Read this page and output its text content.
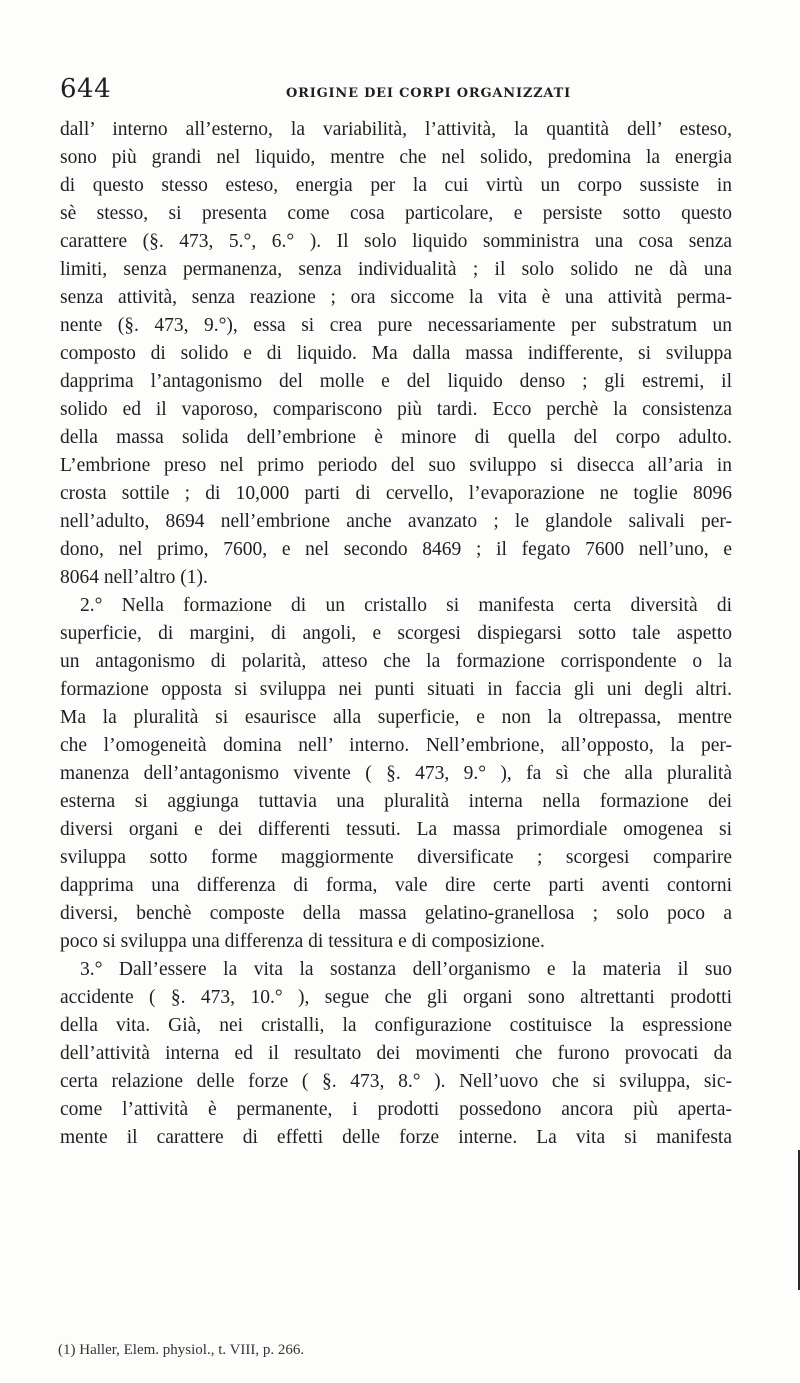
644	ORIGINE DEI CORPI ORGANIZZATI
dall’ interno all’esterno, la variabilità, l’attività, la quantità dell’ esteso,
sono più grandi nel liquido, mentre che nel solido, predomina la energia
di questo stesso esteso, energia per la cui virtù un corpo sussiste in
sè stesso, si presenta come cosa particolare, e persiste sotto questo
carattere (§. 473, 5.°, 6.° ). Il solo liquido somministra una cosa senza
limiti, senza permanenza, senza individualità ; il solo solido ne dà una
senza attività, senza reazione ; ora siccome la vita è una attività perma-
nente (§. 473, 9.°), essa si crea pure necessariamente per substratum un
composto di solido e di liquido. Ma dalla massa indifferente, si sviluppa
dapprima l’antagonismo del molle e del liquido denso ; gli estremi, il
solido ed il vaporoso, compariscono più tardi. Ecco perchè la consistenza
della massa solida dell’embrione è minore di quella del corpo adulto.
L’embrione preso nel primo periodo del suo sviluppo si disecca all’aria in
crosta sottile ; di 10,000 parti di cervello, l’evaporazione ne toglie 8096
nell’adulto, 8694 nell’embrione anche avanzato ; le glandole salivali per-
dono, nel primo, 7600, e nel secondo 8469 ; il fegato 7600 nell’uno, e
8064 nell’altro (1).
2.° Nella formazione di un cristallo si manifesta certa diversità di
superficie, di margini, di angoli, e scorgesi dispiegarsi sotto tale aspetto
un antagonismo di polarità, atteso che la formazione corrispondente o la
formazione opposta si sviluppa nei punti situati in faccia gli uni degli altri.
Ma la pluralità si esaurisce alla superficie, e non la oltrepassa, mentre
che l’omogeneità domina nell’ interno. Nell’embrione, all’opposto, la per-
manenza dell’antagonismo vivente ( §. 473, 9.° ), fa sì che alla pluralità
esterna si aggiunga tuttavia una pluralità interna nella formazione dei
diversi organi e dei differenti tessuti. La massa primordiale omogenea si
sviluppa sotto forme maggiormente diversificate ; scorgesi comparire
dapprima una differenza di forma, vale dire certe parti aventi contorni
diversi, benchè composte della massa gelatino-granellosa ; solo poco a
poco si sviluppa una differenza di tessitura e di composizione.
3.° Dall’essere la vita la sostanza dell’organismo e la materia il suo
accidente ( §. 473, 10.° ), segue che gli organi sono altrettanti prodotti
della vita. Già, nei cristalli, la configurazione costituisce la espressione
dell’attività interna ed il resultato dei movimenti che furono provocati da
certa relazione delle forze ( §. 473, 8.° ). Nell’uovo che si sviluppa, sic-
come l’attività è permanente, i prodotti possedono ancora più aperta-
mente il carattere di effetti delle forze interne. La vita si manifesta
(1) Haller, Elem. physiol., t. VIII, p. 266.
